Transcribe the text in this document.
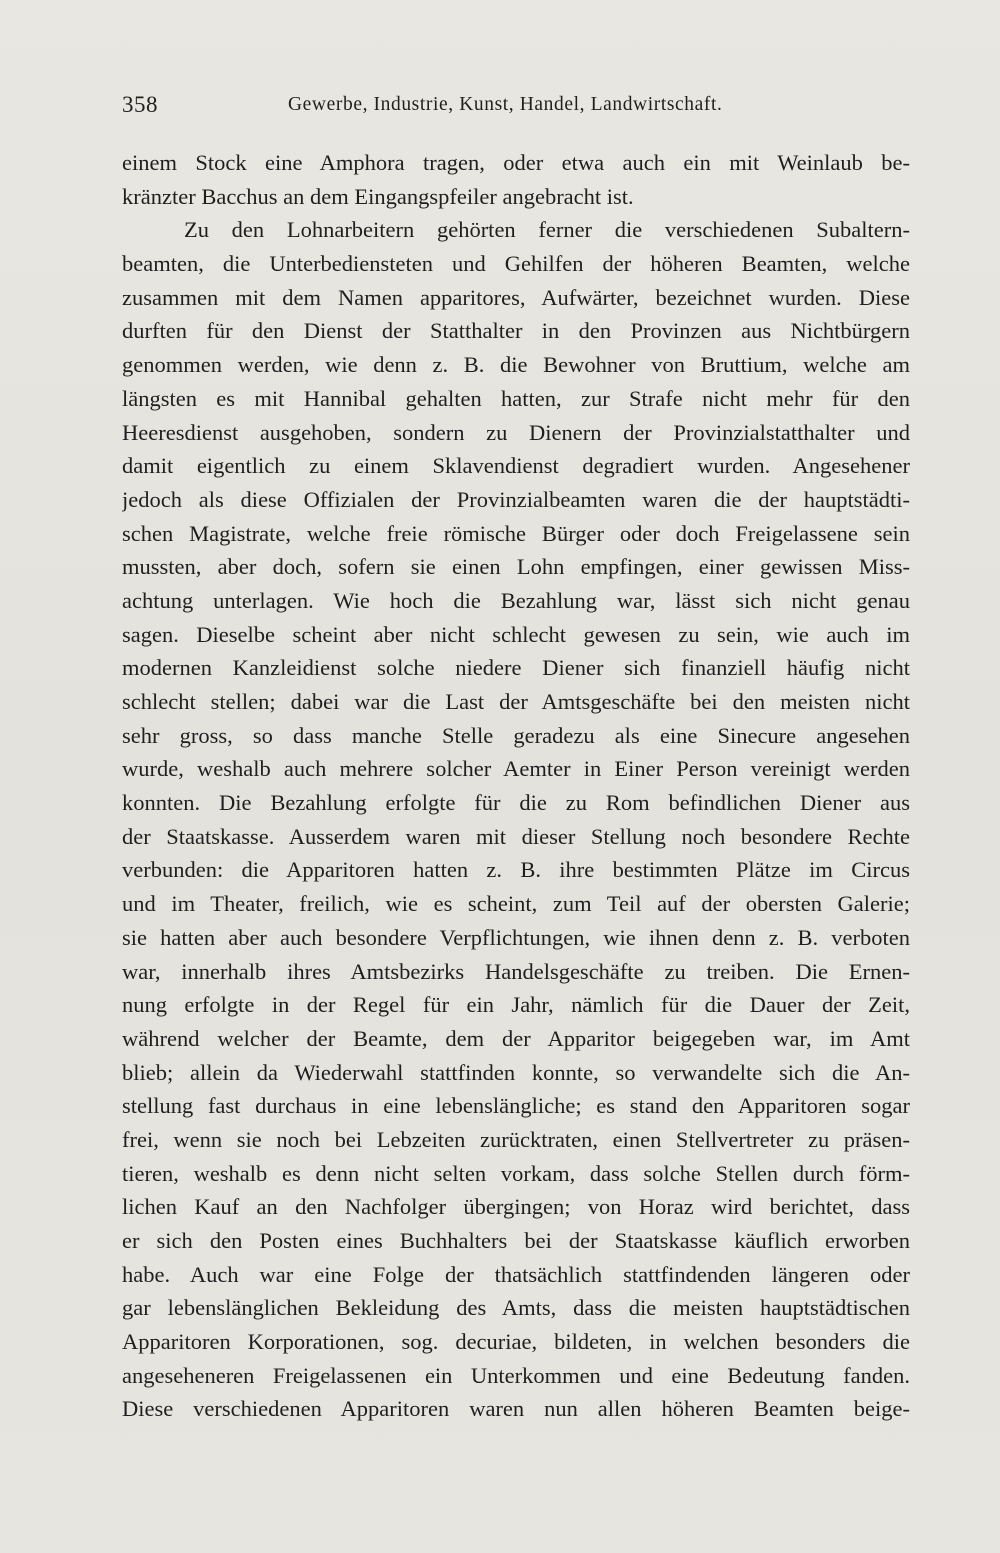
358	Gewerbe, Industrie, Kunst, Handel, Landwirtschaft.
einem Stock eine Amphora tragen, oder etwa auch ein mit Weinlaub be-
kränzter Bacchus an dem Eingangspfeiler angebracht ist.
Zu den Lohnarbeitern gehörten ferner die verschiedenen Subaltern-
beamten, die Unterbediensteten und Gehilfen der höheren Beamten, welche
zusammen mit dem Namen apparitores, Aufwärter, bezeichnet wurden. Diese
durften für den Dienst der Statthalter in den Provinzen aus Nichtbürgern
genommen werden, wie denn z. B. die Bewohner von Bruttium, welche am
längsten es mit Hannibal gehalten hatten, zur Strafe nicht mehr für den
Heeresdienst ausgehoben, sondern zu Dienern der Provinzialstatthalter und
damit eigentlich zu einem Sklavendienst degradiert wurden. Angesehener
jedoch als diese Offizialen der Provinzialbeamten waren die der hauptstädti-
schen Magistrate, welche freie römische Bürger oder doch Freigelassene sein
mussten, aber doch, sofern sie einen Lohn empfingen, einer gewissen Miss-
achtung unterlagen. Wie hoch die Bezahlung war, lässt sich nicht genau
sagen. Dieselbe scheint aber nicht schlecht gewesen zu sein, wie auch im
modernen Kanzleidienst solche niedere Diener sich finanziell häufig nicht
schlecht stellen; dabei war die Last der Amtsgeschäfte bei den meisten nicht
sehr gross, so dass manche Stelle geradezu als eine Sinecure angesehen
wurde, weshalb auch mehrere solcher Aemter in Einer Person vereinigt werden
konnten. Die Bezahlung erfolgte für die zu Rom befindlichen Diener aus
der Staatskasse. Ausserdem waren mit dieser Stellung noch besondere Rechte
verbunden: die Apparitoren hatten z. B. ihre bestimmten Plätze im Circus
und im Theater, freilich, wie es scheint, zum Teil auf der obersten Galerie;
sie hatten aber auch besondere Verpflichtungen, wie ihnen denn z. B. verboten
war, innerhalb ihres Amtsbezirks Handelsgeschäfte zu treiben. Die Ernen-
nung erfolgte in der Regel für ein Jahr, nämlich für die Dauer der Zeit,
während welcher der Beamte, dem der Apparitor beigegeben war, im Amt
blieb; allein da Wiederwahl stattfinden konnte, so verwandelte sich die An-
stellung fast durchaus in eine lebenslängliche; es stand den Apparitoren sogar
frei, wenn sie noch bei Lebzeiten zurücktraten, einen Stellvertreter zu präsen-
tieren, weshalb es denn nicht selten vorkam, dass solche Stellen durch förm-
lichen Kauf an den Nachfolger übergingen; von Horaz wird berichtet, dass
er sich den Posten eines Buchhalters bei der Staatskasse käuflich erworben
habe. Auch war eine Folge der thatsächlich stattfindenden längeren oder
gar lebenslänglichen Bekleidung des Amts, dass die meisten hauptstädtischen
Apparitoren Korporationen, sog. decuriae, bildeten, in welchen besonders die
angeseheneren Freigelassenen ein Unterkommen und eine Bedeutung fanden.
Diese verschiedenen Apparitoren waren nun allen höheren Beamten beige-
